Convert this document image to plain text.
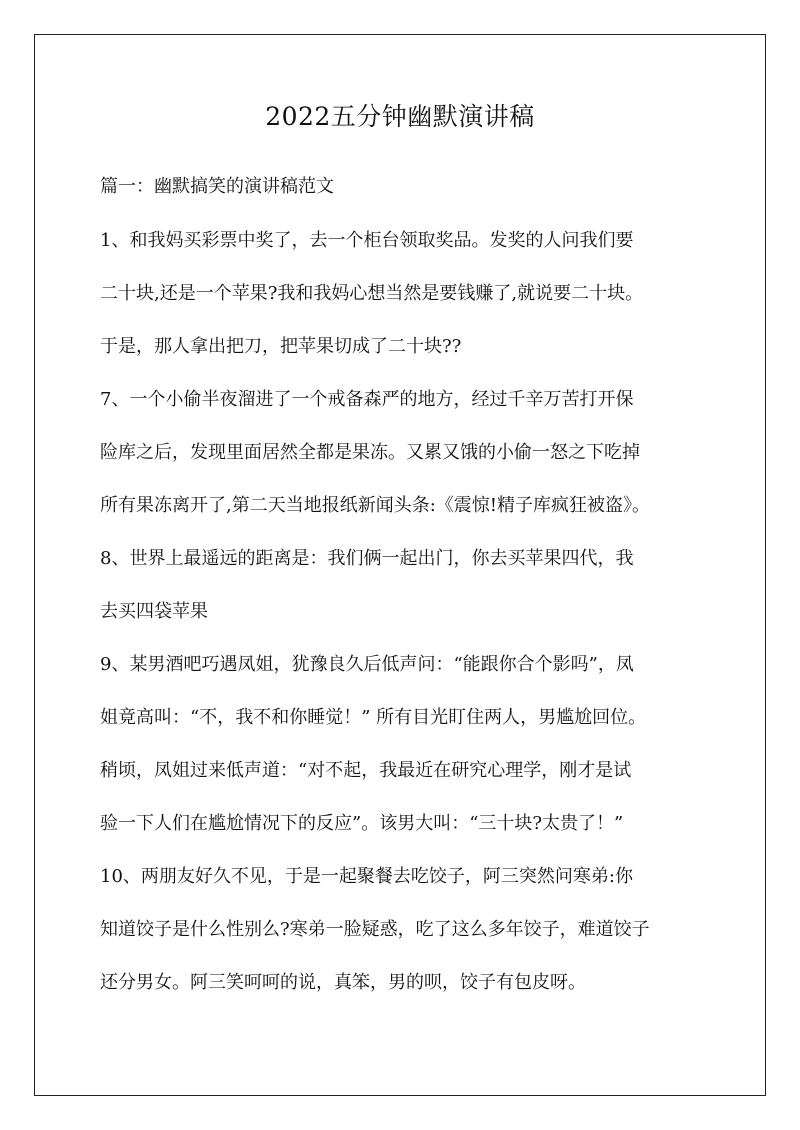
2022五分钟幽默演讲稿
篇一：幽默搞笑的演讲稿范文
1、和我妈买彩票中奖了，去一个柜台领取奖品。发奖的人问我们要
二十块,还是一个苹果?我和我妈心想当然是要钱赚了,就说要二十块。
于是，那人拿出把刀，把苹果切成了二十块??
7、一个小偷半夜溜进了一个戒备森严的地方，经过千辛万苦打开保
险库之后，发现里面居然全都是果冻。又累又饿的小偷一怒之下吃掉
所有果冻离开了,第二天当地报纸新闻头条:《震惊!精子库疯狂被盗》。
8、世界上最遥远的距离是：我们俩一起出门，你去买苹果四代，我
去买四袋苹果
9、某男酒吧巧遇凤姐，犹豫良久后低声问：“能跟你合个影吗”，凤
姐竟高叫：“不，我不和你睡觉！” 所有目光盯住两人，男尴尬回位。
稍顷，凤姐过来低声道：“对不起，我最近在研究心理学，刚才是试
验一下人们在尴尬情况下的反应”。该男大叫：“三十块?太贵了！”
10、两朋友好久不见，于是一起聚餐去吃饺子，阿三突然问寒弟:你
知道饺子是什么性别么?寒弟一脸疑惑，吃了这么多年饺子，难道饺子
还分男女。阿三笑呵呵的说，真笨，男的呗，饺子有包皮呀。
